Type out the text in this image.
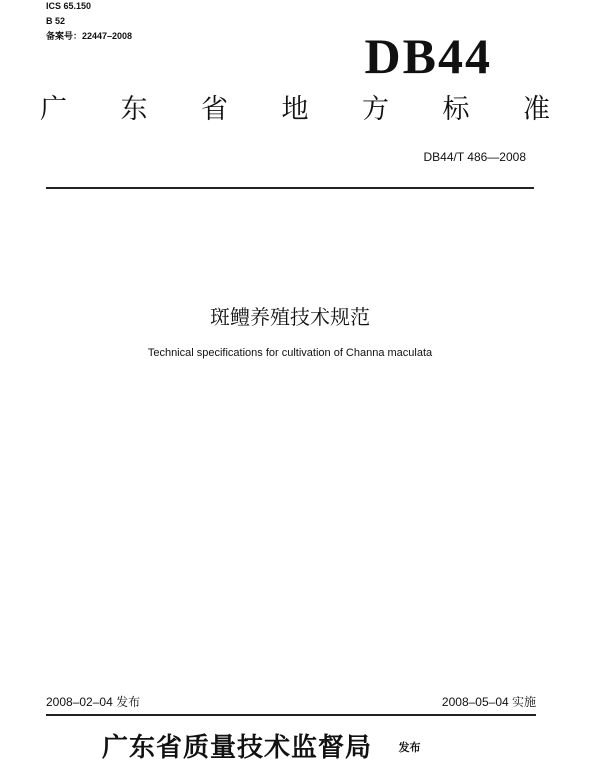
ICS 65.150
B 52
备案号：22447–2008	DB44
广 东 省 地 方 标 准
DB44/T 486—2008
斑鳢养殖技术规范
Technical specifications for cultivation of Channa maculata
2008–02–04 发布	2008–05–04 实施
广东省质量技术监督局 发布
